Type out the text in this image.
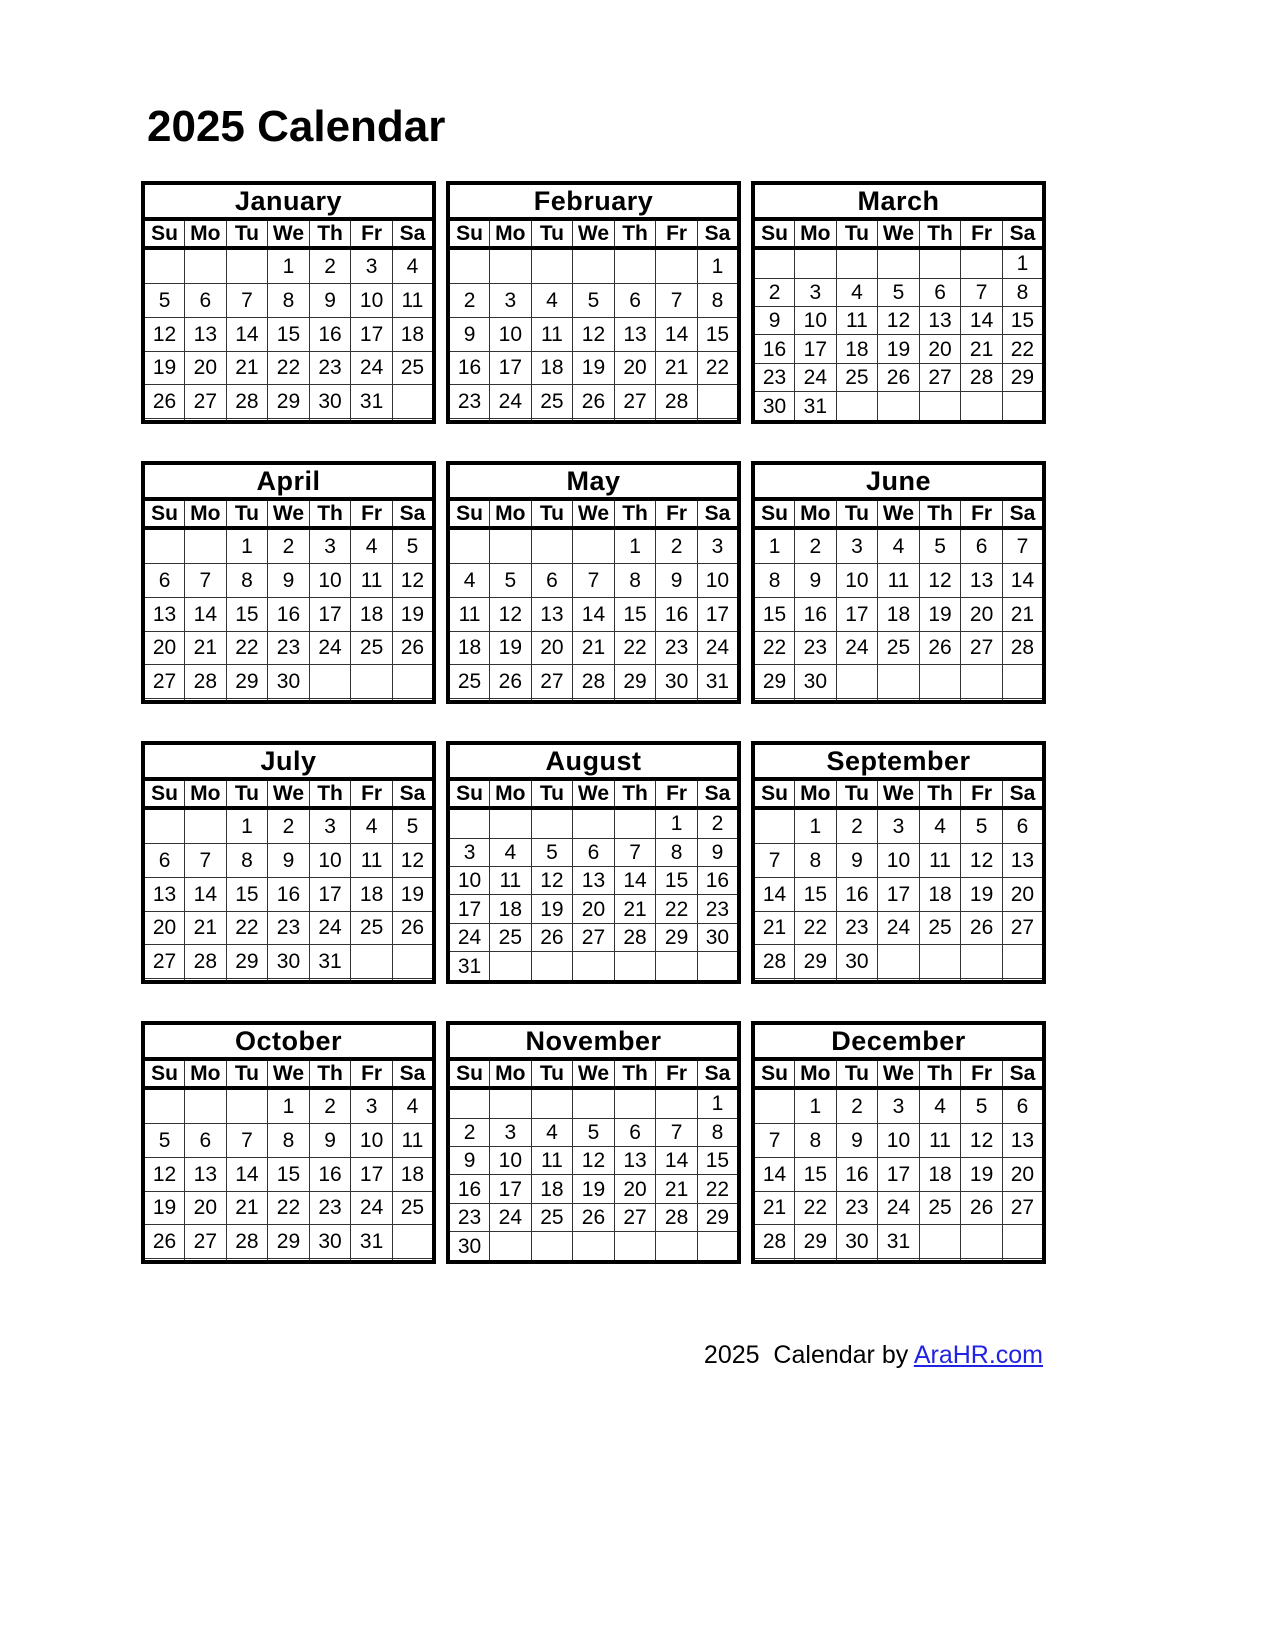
2025 Calendar
January						
Su	Mo	Tu	We	Th	Fr	Sa
			1	2	3	4
5	6	7	8	9	10	11
12	13	14	15	16	17	18
19	20	21	22	23	24	25
26	27	28	29	30	31	

February						
Su	Mo	Tu	We	Th	Fr	Sa
						1
2	3	4	5	6	7	8
9	10	11	12	13	14	15
16	17	18	19	20	21	22
23	24	25	26	27	28	

March						
Su	Mo	Tu	We	Th	Fr	Sa
						1
2	3	4	5	6	7	8
9	10	11	12	13	14	15
16	17	18	19	20	21	22
23	24	25	26	27	28	29
30	31					
April						
Su	Mo	Tu	We	Th	Fr	Sa
		1	2	3	4	5
6	7	8	9	10	11	12
13	14	15	16	17	18	19
20	21	22	23	24	25	26
27	28	29	30			

May						
Su	Mo	Tu	We	Th	Fr	Sa
				1	2	3
4	5	6	7	8	9	10
11	12	13	14	15	16	17
18	19	20	21	22	23	24
25	26	27	28	29	30	31

June						
Su	Mo	Tu	We	Th	Fr	Sa
1	2	3	4	5	6	7
8	9	10	11	12	13	14
15	16	17	18	19	20	21
22	23	24	25	26	27	28
29	30					

July						
Su	Mo	Tu	We	Th	Fr	Sa
		1	2	3	4	5
6	7	8	9	10	11	12
13	14	15	16	17	18	19
20	21	22	23	24	25	26
27	28	29	30	31		

August						
Su	Mo	Tu	We	Th	Fr	Sa
					1	2
3	4	5	6	7	8	9
10	11	12	13	14	15	16
17	18	19	20	21	22	23
24	25	26	27	28	29	30
31						
September						
Su	Mo	Tu	We	Th	Fr	Sa
	1	2	3	4	5	6
7	8	9	10	11	12	13
14	15	16	17	18	19	20
21	22	23	24	25	26	27
28	29	30				

October						
Su	Mo	Tu	We	Th	Fr	Sa
			1	2	3	4
5	6	7	8	9	10	11
12	13	14	15	16	17	18
19	20	21	22	23	24	25
26	27	28	29	30	31	

November						
Su	Mo	Tu	We	Th	Fr	Sa
						1
2	3	4	5	6	7	8
9	10	11	12	13	14	15
16	17	18	19	20	21	22
23	24	25	26	27	28	29
30						
December						
Su	Mo	Tu	We	Th	Fr	Sa
	1	2	3	4	5	6
7	8	9	10	11	12	13
14	15	16	17	18	19	20
21	22	23	24	25	26	27
28	29	30	31			

2025  Calendar by AraHR.com
